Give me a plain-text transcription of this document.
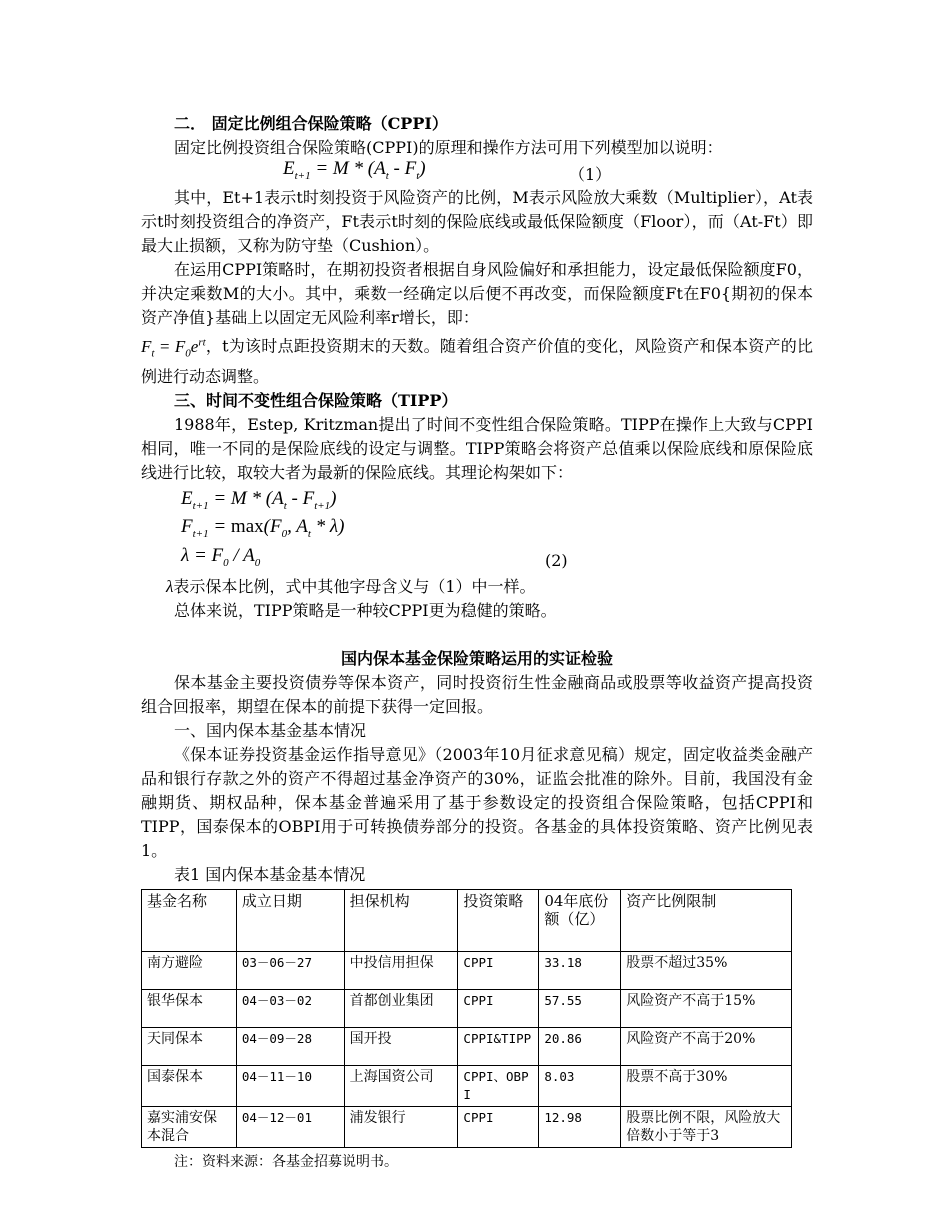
二． 固定比例组合保险策略（CPPI）

固定比例投资组合保险策略(CPPI)的原理和操作方法可用下列模型加以说明：

$E_{t+1} = M * (A_t - F_t)$	（1）

其中，Et+1表示t时刻投资于风险资产的比例，M表示风险放大乘数（Multiplier），At表示t时刻投资组合的净资产，Ft表示t时刻的保险底线或最低保险额度（Floor），而（At-Ft）即最大止损额，又称为防守垫（Cushion）。

在运用CPPI策略时，在期初投资者根据自身风险偏好和承担能力，设定最低保险额度F0，并决定乘数M的大小。其中，乘数一经确定以后便不再改变，而保险额度Ft在F0{期初的保本资产净值}基础上以固定无风险利率r增长，即：

$F_t = F_0e^{rt}$，t为该时点距投资期末的天数。随着组合资产价值的变化，风险资产和保本资产的比例进行动态调整。

三、时间不变性组合保险策略（TIPP）

1988年，Estep, Kritzman提出了时间不变性组合保险策略。TIPP在操作上大致与CPPI相同，唯一不同的是保险底线的设定与调整。TIPP策略会将资产总值乘以保险底线和原保险底线进行比较，取较大者为最新的保险底线。其理论构架如下：

$E_{t+1} = M * (A_t - F_{t+1})$
$F_{t+1} = \max(F_0$, $A_t * \lambda$)
$\lambda = F_0 / A_0$	(2)

λ表示保本比例，式中其他字母含义与（1）中一样。

总体来说，TIPP策略是一种较CPPI更为稳健的策略。

国内保本基金保险策略运用的实证检验

保本基金主要投资债券等保本资产，同时投资衍生性金融商品或股票等收益资产提高投资组合回报率，期望在保本的前提下获得一定回报。

一、国内保本基金基本情况

《保本证券投资基金运作指导意见》（2003年10月征求意见稿）规定，固定收益类金融产品和银行存款之外的资产不得超过基金净资产的30%，证监会批准的除外。目前，我国没有金融期货、期权品种，保本基金普遍采用了基于参数设定的投资组合保险策略，包括CPPI和TIPP，国泰保本的OBPI用于可转换债券部分的投资。各基金的具体投资策略、资产比例见表1。

表1 国内保本基金基本情况

基金名称	成立日期	担保机构	投资策略	04年底份额（亿）	资产比例限制
南方避险	03－06－27	中投信用担保	CPPI	33.18	股票不超过35%
银华保本	04－03－02	首都创业集团	CPPI	57.55	风险资产不高于15%
天同保本	04－09－28	国开投	CPPI&TIPP	20.86	风险资产不高于20%
国泰保本	04－11－10	上海国资公司	CPPI、OBPI	8.03	股票不高于30%
嘉实浦安保本混合	04－12－01	浦发银行	CPPI	12.98	股票比例不限，风险放大倍数小于等于3

注：资料来源：各基金招募说明书。
